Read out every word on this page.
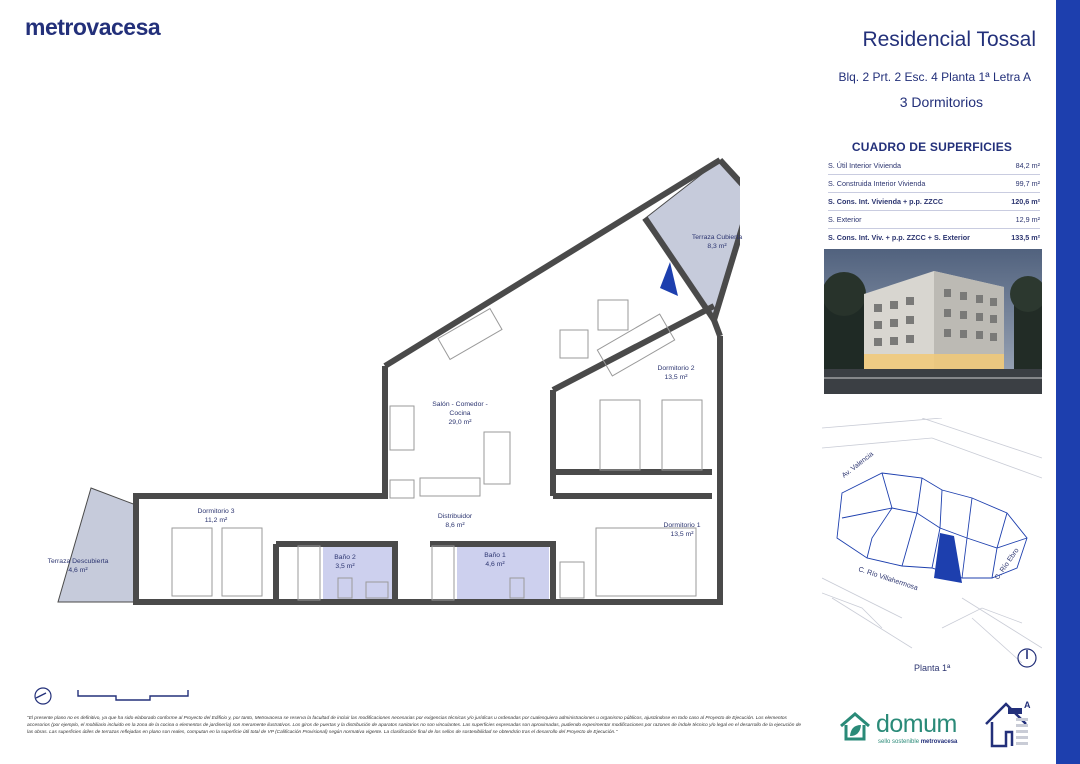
metrovacesa	Residencial Tossal
Blq. 2 Prt. 2 Esc. 4 Planta 1ª Letra A
3 Dormitorios
CUADRO DE SUPERFICIES
S. Útil Interior Vivienda	84,2 m²
S. Construida Interior Vivienda	99,7 m²
S. Cons. Int. Vivienda + p.p. ZZCC	120,6 m²
S. Exterior	12,9 m²
S. Cons. Int. Viv. + p.p. ZZCC + S. Exterior	133,5 m²
Av. Valencia
C. Río Ebro
C. Río Villahermosa
Planta 1ª
Terraza Cubierta
8,3 m²
Salón - Comedor -
Cocina
29,0 m²
Dormitorio 2
13,5 m²
Dormitorio 3
11,2 m²
Distribuidor
8,6 m²	Dormitorio 1
13,5 m²
Baño 2
3,5 m²
Baño 1
4,6 m²
Terraza Descubierta
4,6 m²
"El presente plano no es definitivo, ya que ha sido elaborado conforme al Proyecto del Edificio y, por tanto, Metrovacesa se reserva la facultad de incluir las modificaciones necesarias por exigencias técnicas y/o jurídicas u ordenadas por cualesquiera administraciones u organismo públicos, ajustándose en todo caso al Proyecto de Ejecución. Los elementos accesorios (por ejemplo, el mobiliario incluido en la zona de la cocina o elementos de jardinería) son meramente ilustrativos. Los giros de puertas y la distribución de aparatos sanitarios no son vinculantes. Las superficies expresadas son aproximadas, pudiendo experimentar modificaciones por razones de índole técnico y/o legal en el desarrollo de la ejecución de las obras. Las superficies útiles de terrazas reflejadas en plano son reales, computan en la superficie útil total de VP (Calificación Provisional) según normativa vigente. La clasificación final de los sellos de sostenibilidad se obtendrán tras el desarrollo del Proyecto de Ejecución."	domum
sello sostenible metrovacesa
A
